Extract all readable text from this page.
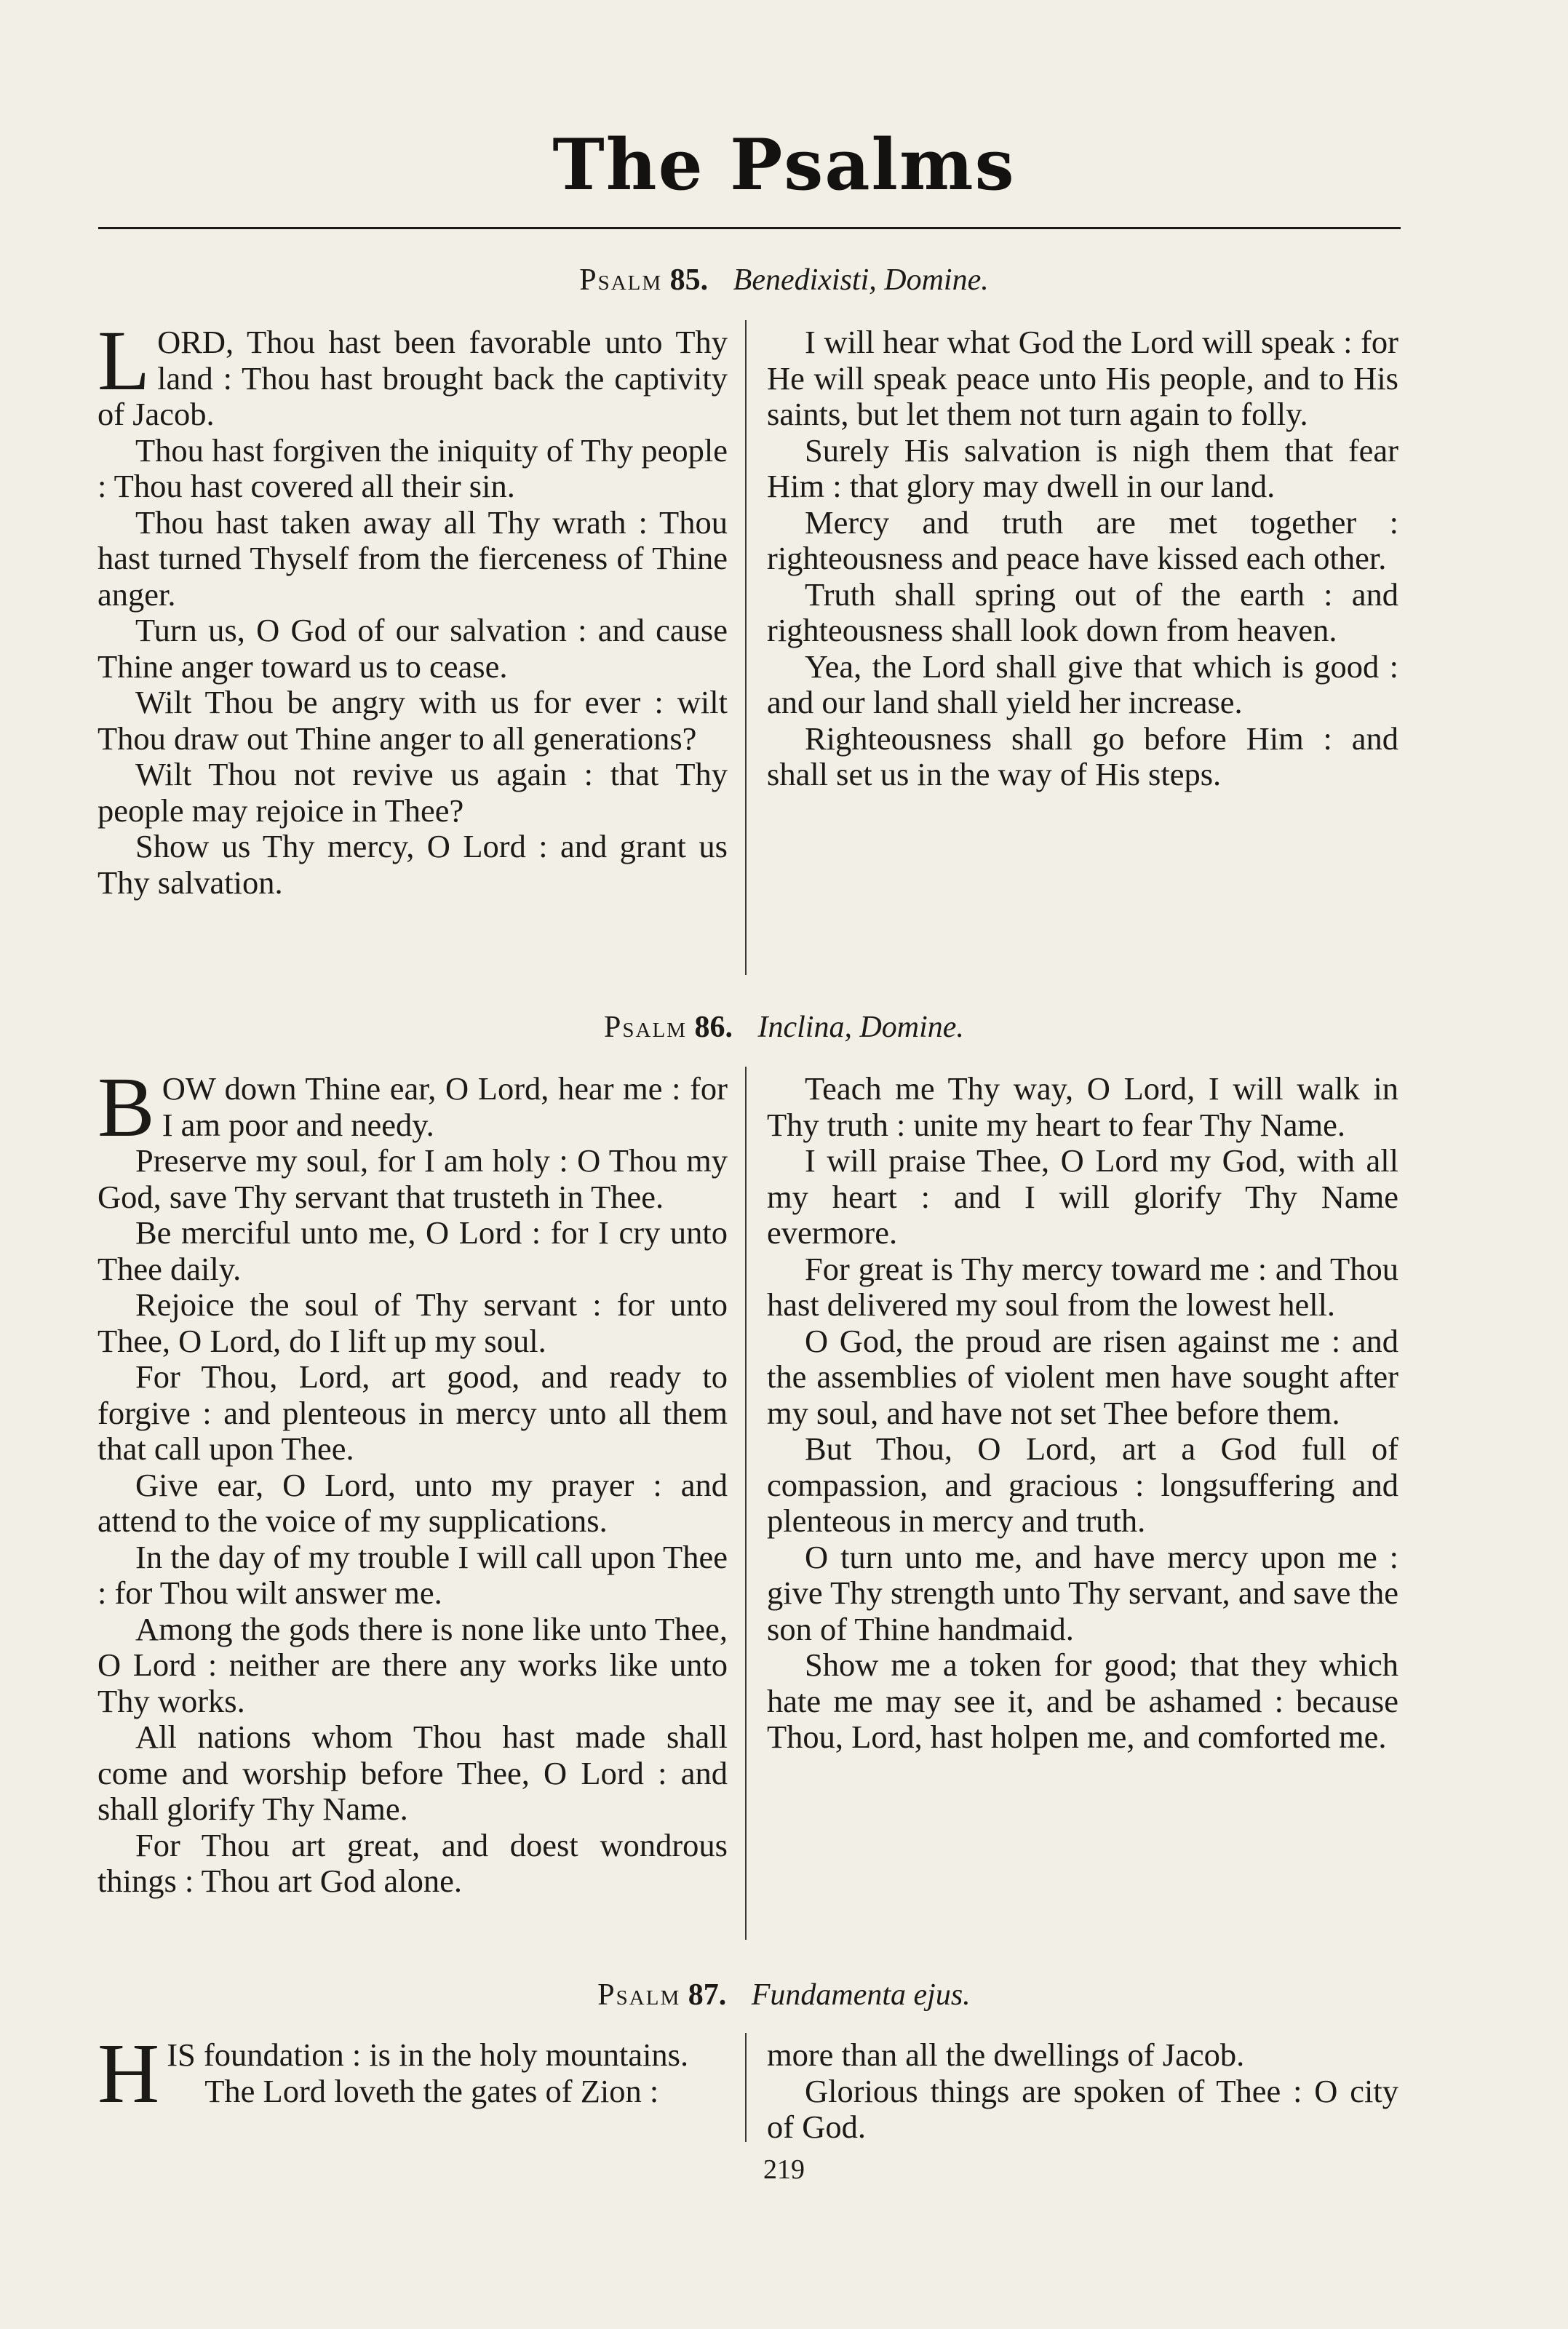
The Psalms
Psalm 85. Benedixisti, Domine.

LORD, Thou hast been favorable unto Thy land : Thou hast brought back the captivity of Jacob.

Thou hast forgiven the iniquity of Thy people : Thou hast covered all their sin.

Thou hast taken away all Thy wrath : Thou hast turned Thyself from the fierceness of Thine anger.

Turn us, O God of our salvation : and cause Thine anger toward us to cease.

Wilt Thou be angry with us for ever : wilt Thou draw out Thine anger to all generations?

Wilt Thou not revive us again : that Thy people may rejoice in Thee?

Show us Thy mercy, O Lord : and grant us Thy salvation.

I will hear what God the Lord will speak : for He will speak peace unto His people, and to His saints, but let them not turn again to folly.

Surely His salvation is nigh them that fear Him : that glory may dwell in our land.

Mercy and truth are met together : righteousness and peace have kissed each other.

Truth shall spring out of the earth : and righteousness shall look down from heaven.

Yea, the Lord shall give that which is good : and our land shall yield her increase.

Righteousness shall go before Him : and shall set us in the way of His steps.

Psalm 86. Inclina, Domine.

BOW down Thine ear, O Lord, hear me : for I am poor and needy.

Preserve my soul, for I am holy : O Thou my God, save Thy servant that trusteth in Thee.

Be merciful unto me, O Lord : for I cry unto Thee daily.

Rejoice the soul of Thy servant : for unto Thee, O Lord, do I lift up my soul.

For Thou, Lord, art good, and ready to forgive : and plenteous in mercy unto all them that call upon Thee.

Give ear, O Lord, unto my prayer : and attend to the voice of my supplications.

In the day of my trouble I will call upon Thee : for Thou wilt answer me.

Among the gods there is none like unto Thee, O Lord : neither are there any works like unto Thy works.

All nations whom Thou hast made shall come and worship before Thee, O Lord : and shall glorify Thy Name.

For Thou art great, and doest wondrous things : Thou art God alone.

Teach me Thy way, O Lord, I will walk in Thy truth : unite my heart to fear Thy Name.

I will praise Thee, O Lord my God, with all my heart : and I will glorify Thy Name evermore.

For great is Thy mercy toward me : and Thou hast delivered my soul from the lowest hell.

O God, the proud are risen against me : and the assemblies of violent men have sought after my soul, and have not set Thee before them.

But Thou, O Lord, art a God full of compassion, and gracious : longsuffering and plenteous in mercy and truth.

O turn unto me, and have mercy upon me : give Thy strength unto Thy servant, and save the son of Thine handmaid.

Show me a token for good; that they which hate me may see it, and be ashamed : because Thou, Lord, hast holpen me, and comforted me.

Psalm 87. Fundamenta ejus.

HIS foundation : is in the holy mountains.

The Lord loveth the gates of Zion :

more than all the dwellings of Jacob.

Glorious things are spoken of Thee : O city of God.

219
